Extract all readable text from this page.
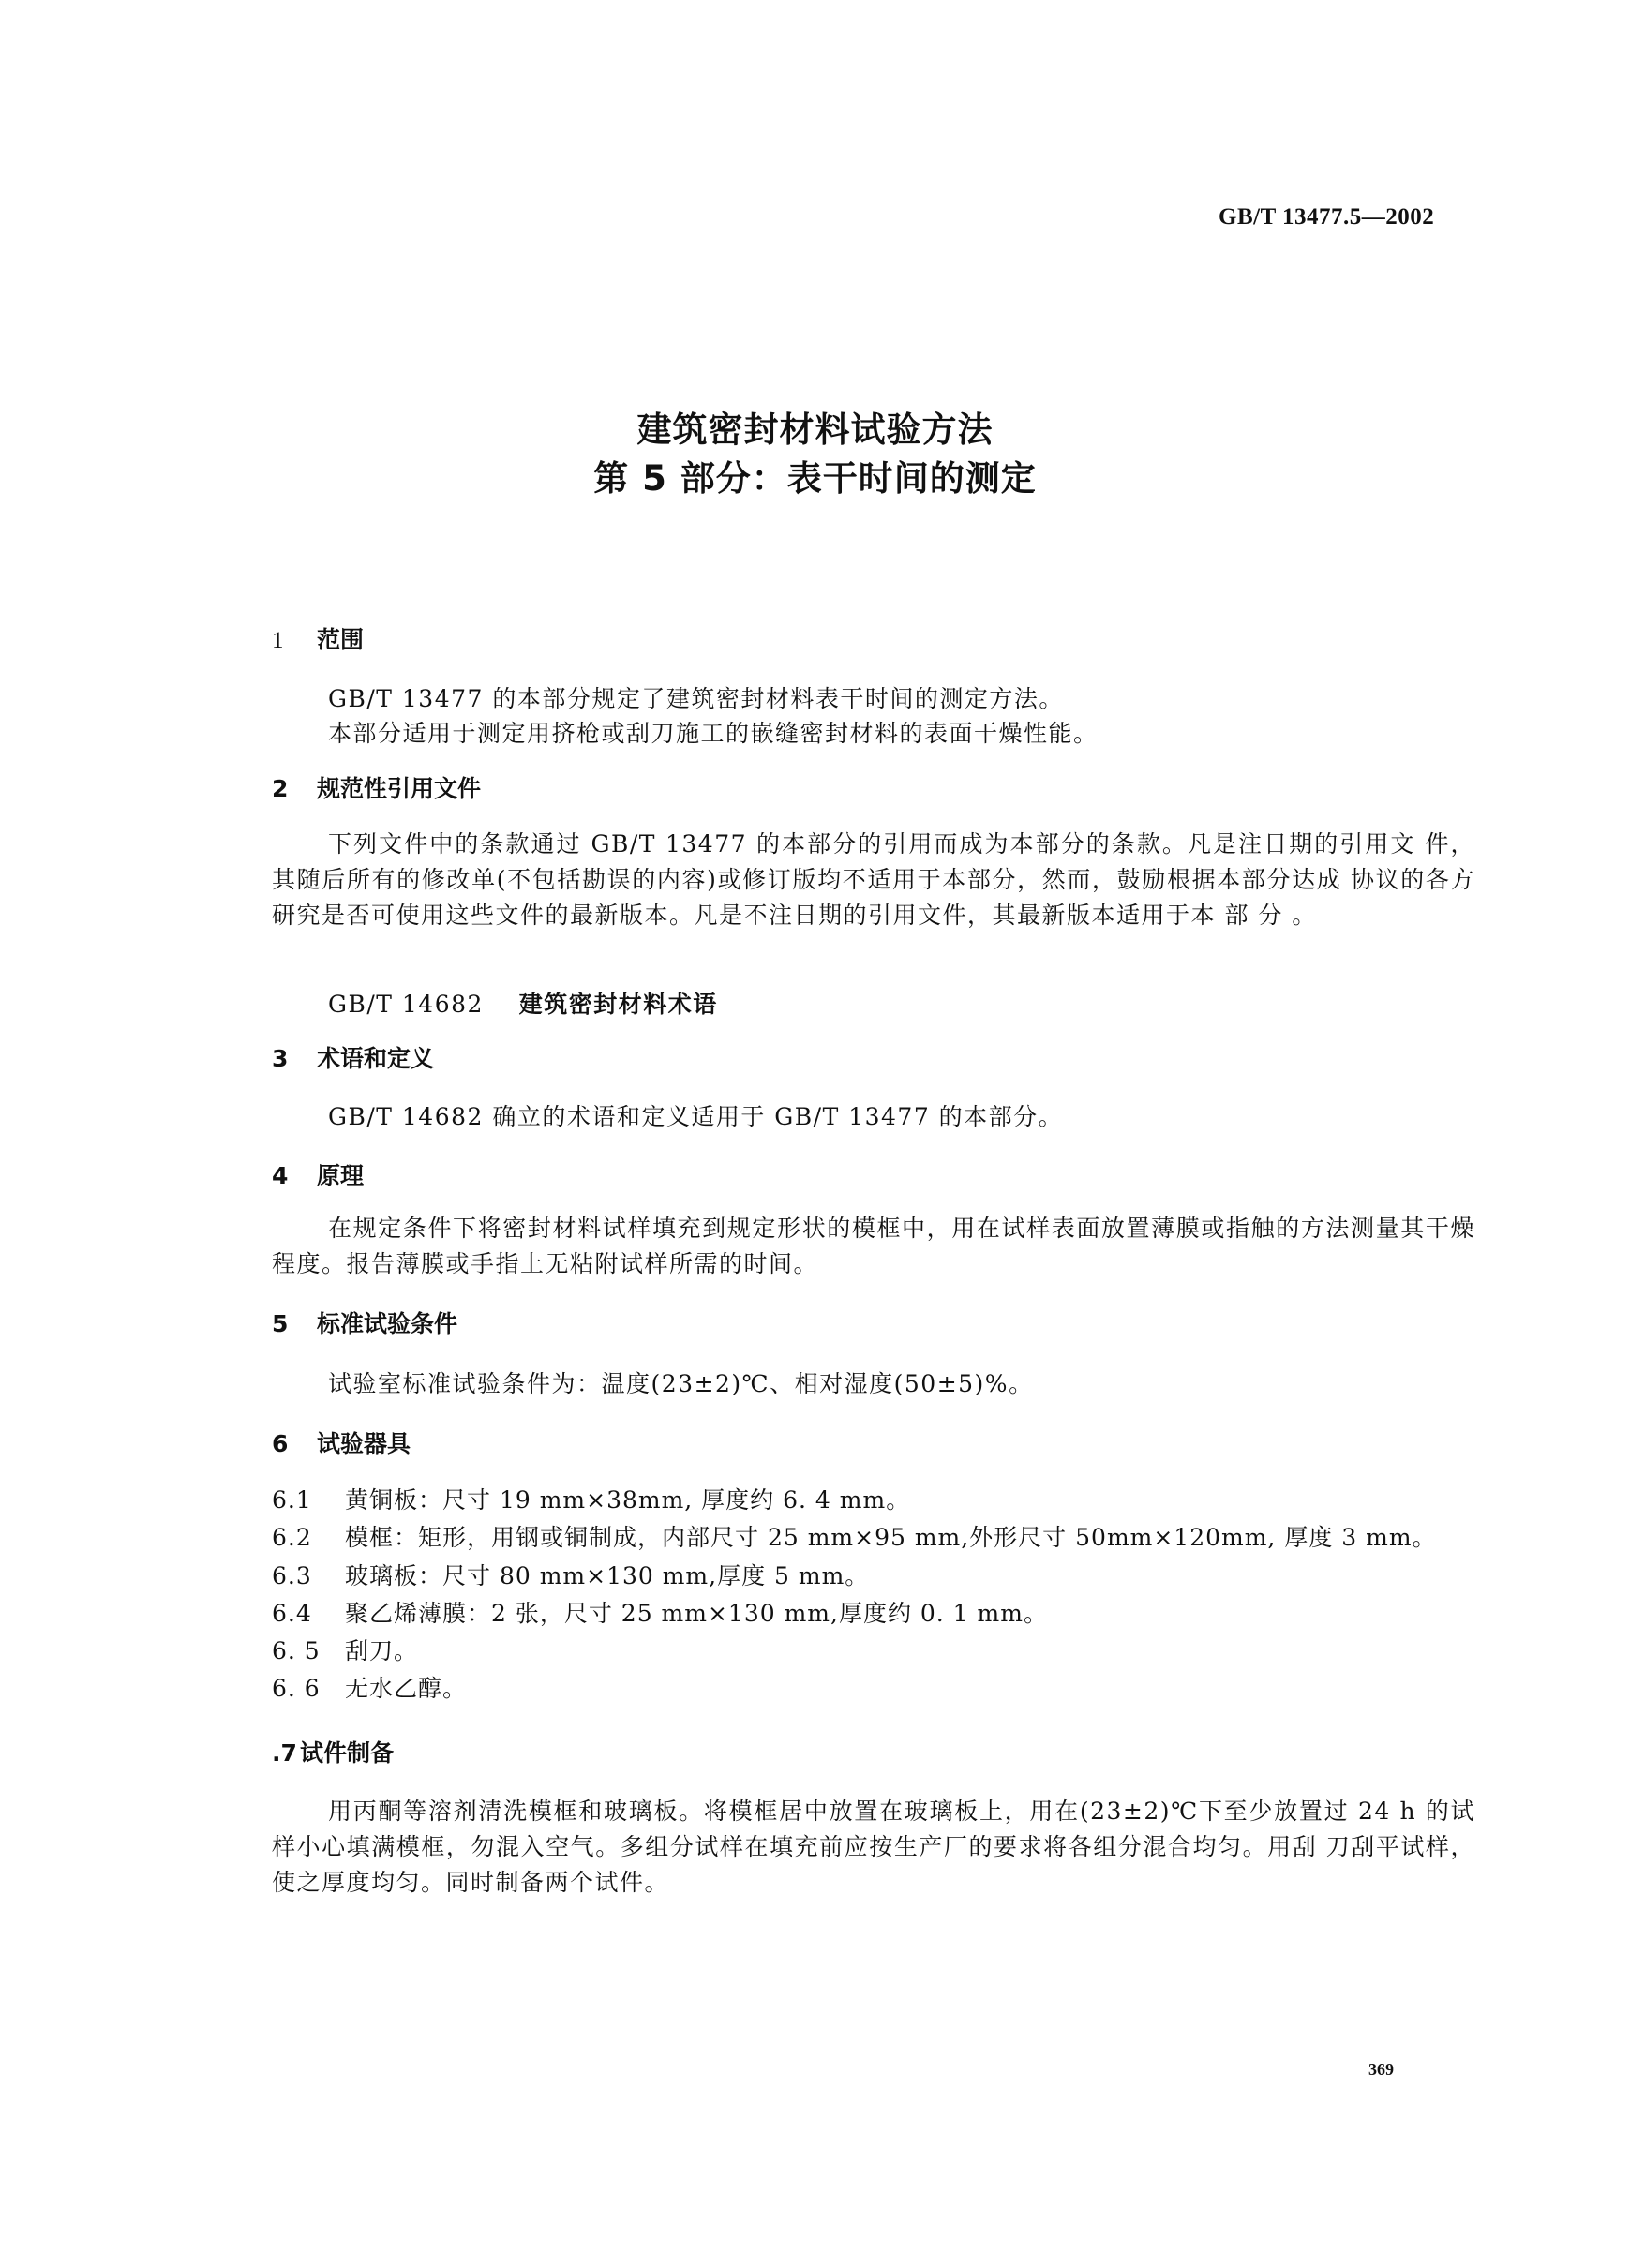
GB/T 13477.5—2002
建筑密封材料试验方法
第 5 部分：表干时间的测定
1 范围
GB/T 13477 的本部分规定了建筑密封材料表干时间的测定方法。
本部分适用于测定用挤枪或刮刀施工的嵌缝密封材料的表面干燥性能。
2 规范性引用文件
下列文件中的条款通过 GB/T 13477 的本部分的引用而成为本部分的条款。凡是注日期的引用文 件，其随后所有的修改单(不包括勘误的内容)或修订版均不适用于本部分，然而，鼓励根据本部分达成 协议的各方研究是否可使用这些文件的最新版本。凡是不注日期的引用文件，其最新版本适用于本 部 分 。
GB/T 14682 建筑密封材料术语
3 术语和定义
GB/T 14682 确立的术语和定义适用于 GB/T 13477 的本部分。
4 原理
在规定条件下将密封材料试样填充到规定形状的模框中，用在试样表面放置薄膜或指触的方法测量其干燥程度。报告薄膜或手指上无粘附试样所需的时间。
5 标准试验条件
试验室标准试验条件为：温度(23±2)℃、相对湿度(50±5)%。
6 试验器具
6.1 黄铜板：尺寸 19 mm×38mm, 厚度约 6. 4 mm。
6.2 模框：矩形，用钢或铜制成，内部尺寸 25 mm×95 mm,外形尺寸 50mm×120mm, 厚度 3 mm。
6.3 玻璃板：尺寸 80 mm×130 mm,厚度 5 mm。
6.4 聚乙烯薄膜：2 张，尺寸 25 mm×130 mm,厚度约 0. 1 mm。
6. 5 刮刀。
6. 6 无水乙醇。
.7 试件制备
用丙酮等溶剂清洗模框和玻璃板。将模框居中放置在玻璃板上，用在(23±2)℃下至少放置过 24 h 的试样小心填满模框，勿混入空气。多组分试样在填充前应按生产厂的要求将各组分混合均匀。用刮 刀刮平试样，使之厚度均匀。同时制备两个试件。
369
